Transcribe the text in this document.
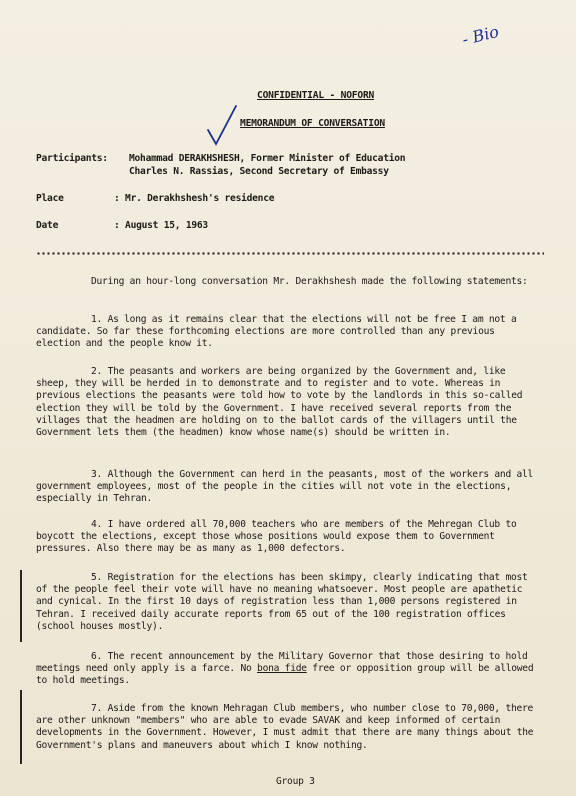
- Bio
CONFIDENTIAL - NOFORN
MEMORANDUM OF CONVERSATION
Participants: Mohammad DERAKHSHESH, Former Minister of Education
Charles N. Rassias, Second Secretary of Embassy
Place	: Mr. Derakhshesh's residence
Date	: August 15, 1963
During an hour-long conversation Mr. Derakhshesh made the following statements:
1. As long as it remains clear that the elections will not be free I am not a candidate. So far these forthcoming elections are more controlled than any previous election and the people know it.
2. The peasants and workers are being organized by the Government and, like sheep, they will be herded in to demonstrate and to register and to vote. Whereas in previous elections the peasants were told how to vote by the landlords in this so-called election they will be told by the Government. I have received several reports from the villages that the headmen are holding on to the ballot cards of the villagers until the Government lets them (the headmen) know whose name(s) should be written in.
3. Although the Government can herd in the peasants, most of the workers and all government employees, most of the people in the cities will not vote in the elections, especially in Tehran.
4. I have ordered all 70,000 teachers who are members of the Mehregan Club to boycott the elections, except those whose positions would expose them to Government pressures. Also there may be as many as 1,000 defectors.
5. Registration for the elections has been skimpy, clearly indicating that most of the people feel their vote will have no meaning whatsoever. Most people are apathetic and cynical. In the first 10 days of registration less than 1,000 persons registered in Tehran. I received daily accurate reports from 65 out of the 100 registration offices (school houses mostly).
6. The recent announcement by the Military Governor that those desiring to hold meetings need only apply is a farce. No bona fide free or opposition group will be allowed to hold meetings.
7. Aside from the known Mehragan Club members, who number close to 70,000, there are other unknown "members" who are able to evade SAVAK and keep informed of certain developments in the Government. However, I must admit that there are many things about the Government's plans and maneuvers about which I know nothing.
Group 3
